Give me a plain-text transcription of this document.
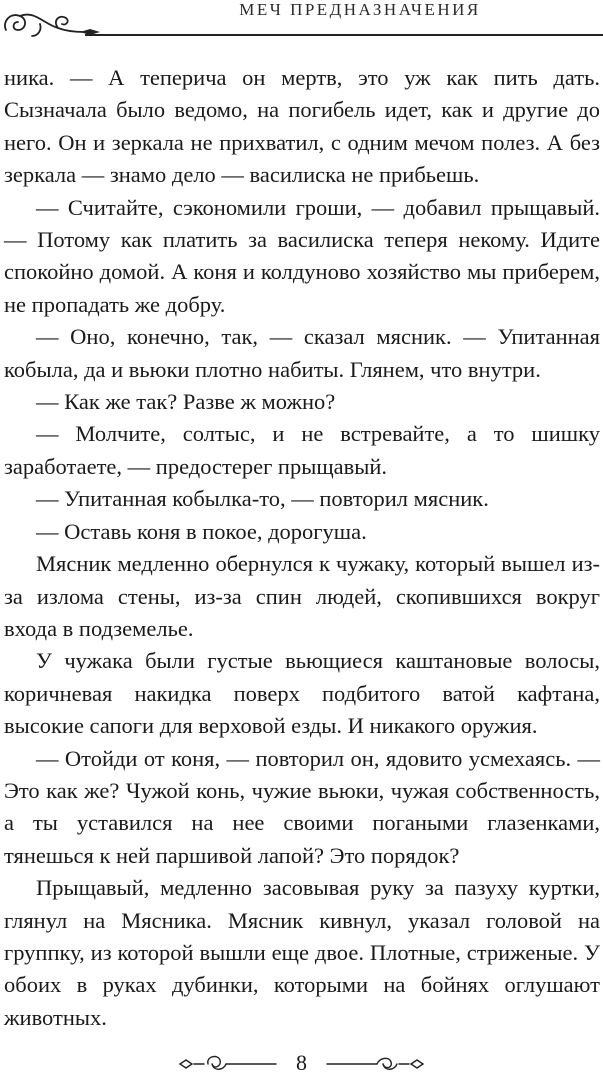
МЕЧ ПРЕДНАЗНАЧЕНИЯ

ника. — А теперича он мертв, это уж как пить дать. Сызначала было ведомо, на погибель идет, как и другие до него. Он и зеркала не прихватил, с одним мечом полез. А без зеркала — знамо дело — василиска не прибьешь.

— Считайте, сэкономили гроши, — добавил прыщавый. — Потому как платить за василиска теперя некому. Идите спокойно домой. А коня и колдуново хозяйство мы приберем, не пропадать же добру.

— Оно, конечно, так, — сказал мясник. — Упитанная кобыла, да и вьюки плотно набиты. Глянем, что внутри.

— Как же так? Разве ж можно?

— Молчите, солтыс, и не встревайте, а то шишку заработаете, — предостерег прыщавый.

— Упитанная кобылка-то, — повторил мясник.

— Оставь коня в покое, дорогуша.

Мясник медленно обернулся к чужаку, который вышел из-за излома стены, из-за спин людей, скопившихся вокруг входа в подземелье.

У чужака были густые вьющиеся каштановые волосы, коричневая накидка поверх подбитого ватой кафтана, высокие сапоги для верховой езды. И никакого оружия.

— Отойди от коня, — повторил он, ядовито усмехаясь. — Это как же? Чужой конь, чужие вьюки, чужая собственность, а ты уставился на нее своими погаными глазенками, тянешься к ней паршивой лапой? Это порядок?

Прыщавый, медленно засовывая руку за пазуху куртки, глянул на Мясника. Мясник кивнул, указал головой на группку, из которой вышли еще двое. Плотные, стриженые. У обоих в руках дубинки, которыми на бойнях оглушают животных.

8
